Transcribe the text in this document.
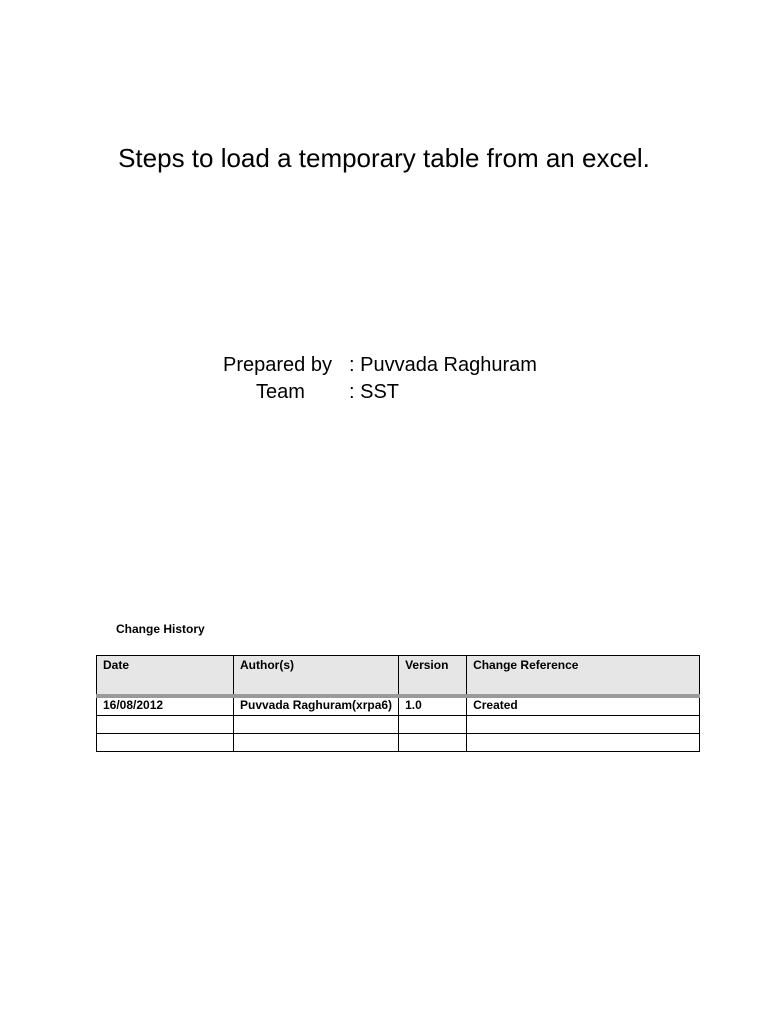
Steps to load a temporary table from an excel.
Prepared by : Puvvada Raghuram
Team	: SST
Change History
Date	Author(s)	Version	Change Reference
16/08/2012	Puvvada Raghuram(xrpa6)	1.0	Created
